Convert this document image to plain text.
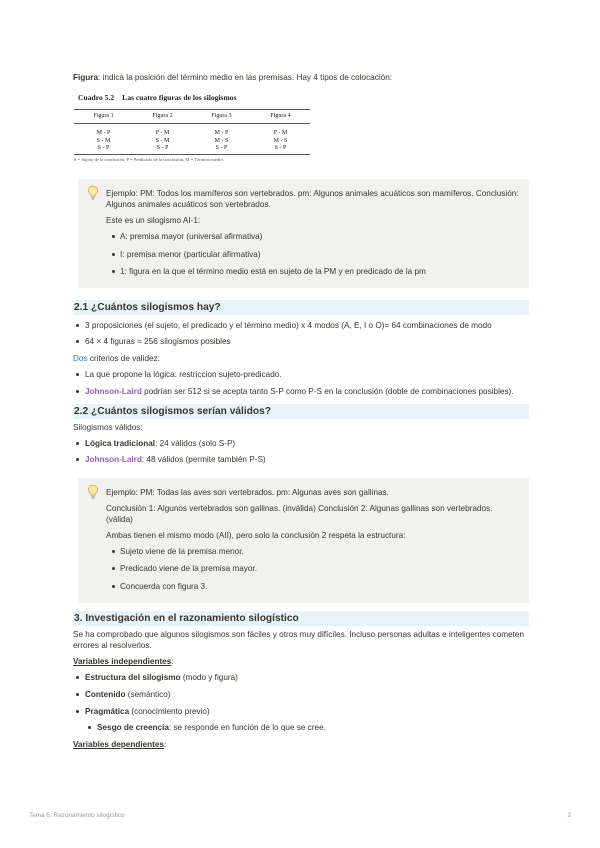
Figura: indica la posición del término medio en las premisas. Hay 4 tipos de colocación:

Cuadro 5.2 Las cuatro figuras de los silogismos
Figura 1	Figura 2	Figura 3	Figura 4
M - P	P - M	M - P	P - M
S - M	S - M	M - S	M - S
S - P	S - P	S - P	S - P
S = Sujeto de la conclusión, P = Predicado de la conclusión, M = Término medio.

Ejemplo: PM: Todos los mamíferos son vertebrados. pm: Algunos animales acuáticos son mamíferos. Conclusión: Algunos animales acuáticos son vertebrados.

Este es un silogismo AI-1:

A: premisa mayor (universal afirmativa)
I: premisa menor (particular afirmativa)
1: figura en la que el término medio está en sujeto de la PM y en predicado de la pm
2.1 ¿Cuántos silogismos hay?
3 proposiciones (el sujeto, el predicado y el término medio) x 4 modos (A, E, I o O)= 64 combinaciones de modo
64 × 4 figuras = 256 silogismos posibles

Dos criterios de validez:

La que propone la lógica: restriccion sujeto-predicado.
Johnson-Laird podrían ser 512 si se acepta tanto S-P como P-S en la conclusión (doble de combinaciones posibles).
2.2 ¿Cuántos silogismos serían válidos?

Silogismos válidos:

Lógica tradicional: 24 válidos (solo S-P)
Johnson-Laird: 48 válidos (permite también P-S)

Ejemplo: PM: Todas las aves son vertebrados. pm: Algunas aves son gallinas.

Conclusión 1: Algunos vertebrados son gallinas. (inválida) Conclusión 2: Algunas gallinas son vertebrados. (válida)

Ambas tienen el mismo modo (AII), pero solo la conclusión 2 respeta la estructura:

Sujeto viene de la premisa menor.
Predicado viene de la premisa mayor.
Concuerda con figura 3.
3. Investigación en el razonamiento silogístico

Se ha comprobado que algunos silogismos son fáciles y otros muy difíciles. Incluso personas adultas e inteligentes cometen errores al resolverlos.

Variables independientes:

Estructura del silogismo (modo y figura)
Contenido (semántico)
Pragmática (conocimiento previo)
Sesgo de creencia: se responde en función de lo que se cree.

Variables dependientes:

Tema 6: Razonamiento silogístico	2
